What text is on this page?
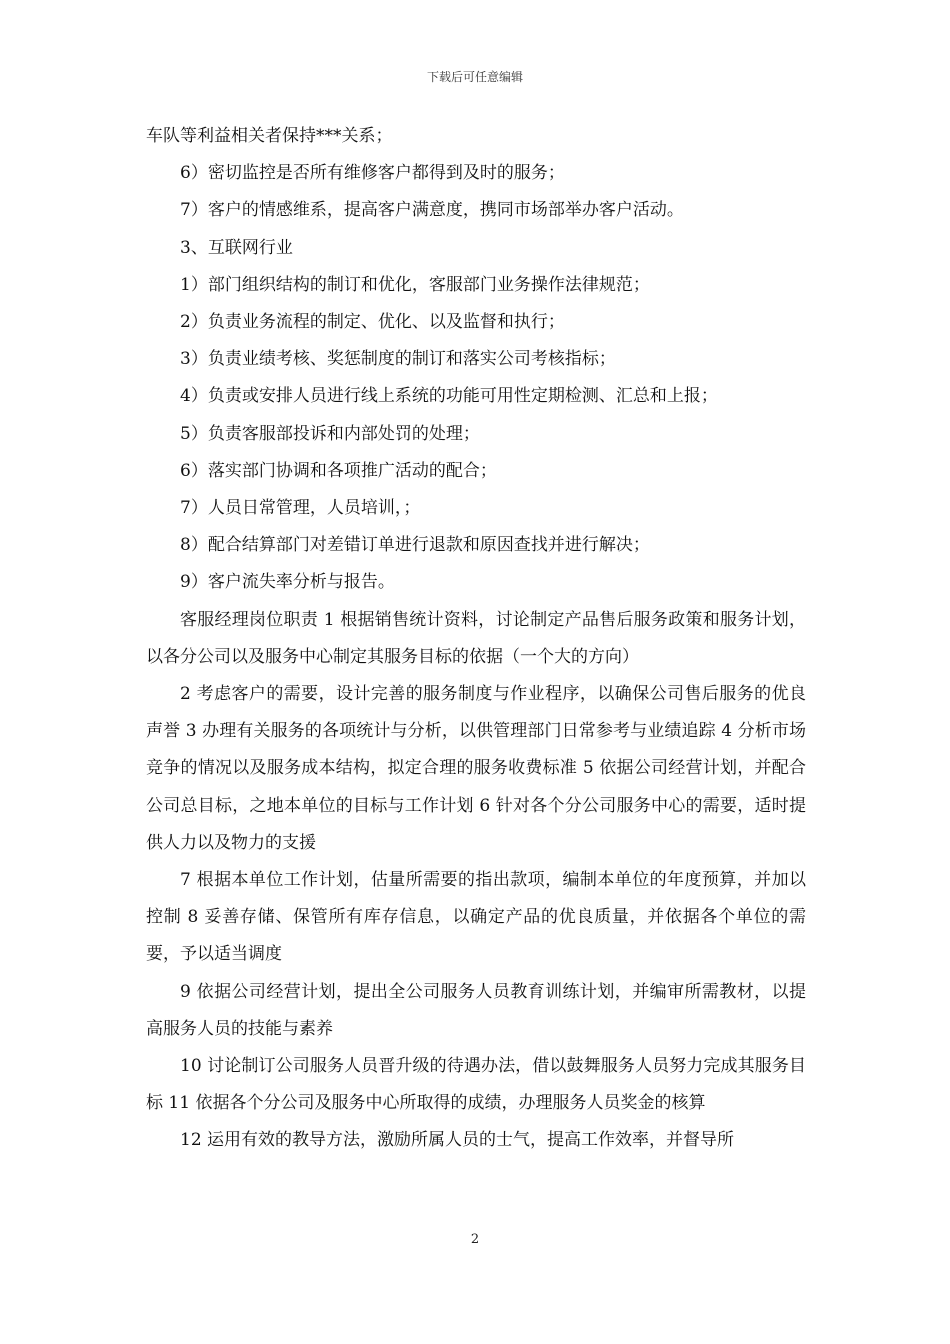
下载后可任意编辑

车队等利益相关者保持***关系；

6）密切监控是否所有维修客户都得到及时的服务；

7）客户的情感维系，提高客户满意度，携同市场部举办客户活动。

3、互联网行业

1）部门组织结构的制订和优化，客服部门业务操作法律规范；

2）负责业务流程的制定、优化、以及监督和执行；

3）负责业绩考核、奖惩制度的制订和落实公司考核指标；

4）负责或安排人员进行线上系统的功能可用性定期检测、汇总和上报；

5）负责客服部投诉和内部处罚的处理；

6）落实部门协调和各项推广活动的配合；

7）人员日常管理，人员培训，；

8）配合结算部门对差错订单进行退款和原因查找并进行解决；

9）客户流失率分析与报告。

客服经理岗位职责 1 根据销售统计资料，讨论制定产品售后服务政策和服务计划，以各分公司以及服务中心制定其服务目标的依据（一个大的方向）

2 考虑客户的需要，设计完善的服务制度与作业程序，以确保公司售后服务的优良声誉 3 办理有关服务的各项统计与分析，以供管理部门日常参考与业绩追踪 4 分析市场竞争的情况以及服务成本结构，拟定合理的服务收费标准 5 依据公司经营计划，并配合公司总目标，之地本单位的目标与工作计划 6 针对各个分公司服务中心的需要，适时提供人力以及物力的支援

7 根据本单位工作计划，估量所需要的指出款项，编制本单位的年度预算，并加以控制 8 妥善存储、保管所有库存信息，以确定产品的优良质量，并依据各个单位的需要，予以适当调度

9 依据公司经营计划，提出全公司服务人员教育训练计划，并编审所需教材，以提高服务人员的技能与素养

10 讨论制订公司服务人员晋升级的待遇办法，借以鼓舞服务人员努力完成其服务目标 11 依据各个分公司及服务中心所取得的成绩，办理服务人员奖金的核算

12 运用有效的教导方法，激励所属人员的士气，提高工作效率，并督导所

2
